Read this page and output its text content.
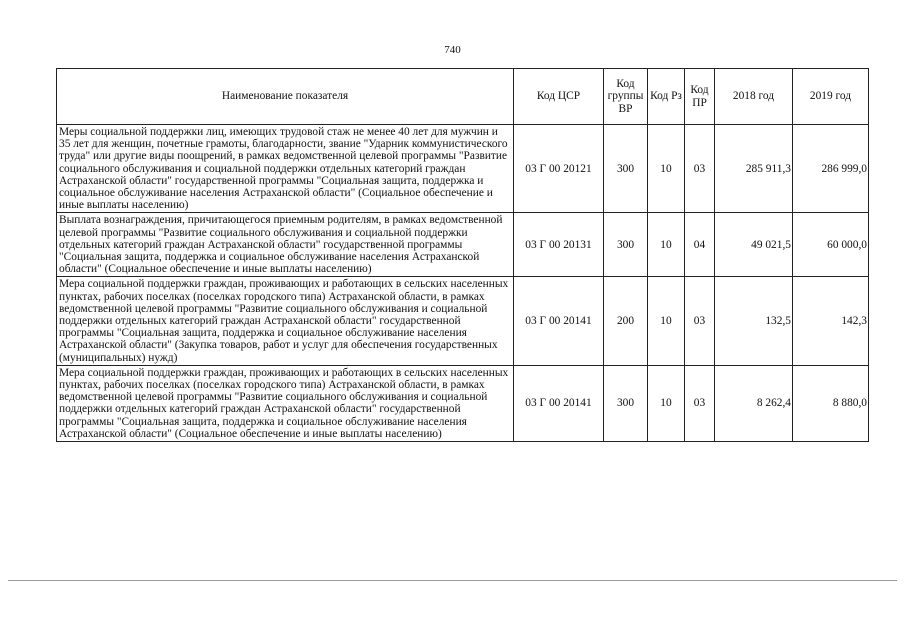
740
Наименование показателя	Код ЦСР	Код группы ВР	Код Рз	Код ПР	2018 год	2019 год
Меры социальной поддержки лиц, имеющих трудовой стаж не менее 40 лет для мужчин и 35 лет для женщин, почетные грамоты, благодарности, звание "Ударник коммунистического труда" или другие виды поощрений, в рамках ведомственной целевой программы "Развитие социального обслуживания и социальной поддержки отдельных категорий граждан Астраханской области" государственной программы "Социальная защита, поддержка и социальное обслуживание населения Астраханской области" (Социальное обеспечение и иные выплаты населению)	03 Г 00 20121	300	10	03	285 911,3	286 999,0
Выплата вознаграждения, причитающегося приемным родителям, в рамках ведомственной целевой программы "Развитие социального обслуживания и социальной поддержки отдельных категорий граждан Астраханской области" государственной программы "Социальная защита, поддержка и социальное обслуживание населения Астраханской области" (Социальное обеспечение и иные выплаты населению)	03 Г 00 20131	300	10	04	49 021,5	60 000,0
Мера социальной поддержки граждан, проживающих и работающих в сельских населенных пунктах, рабочих поселках (поселках городского типа) Астраханской области, в рамках ведомственной целевой программы "Развитие социального обслуживания и социальной поддержки отдельных категорий граждан Астраханской области" государственной программы "Социальная защита, поддержка и социальное обслуживание населения Астраханской области" (Закупка товаров, работ и услуг для обеспечения государственных (муниципальных) нужд)	03 Г 00 20141	200	10	03	132,5	142,3
Мера социальной поддержки граждан, проживающих и работающих в сельских населенных пунктах, рабочих поселках (поселках городского типа) Астраханской области, в рамках ведомственной целевой программы "Развитие социального обслуживания и социальной поддержки отдельных категорий граждан Астраханской области" государственной программы "Социальная защита, поддержка и социальное обслуживание населения Астраханской области" (Социальное обеспечение и иные выплаты населению)	03 Г 00 20141	300	10	03	8 262,4	8 880,0
